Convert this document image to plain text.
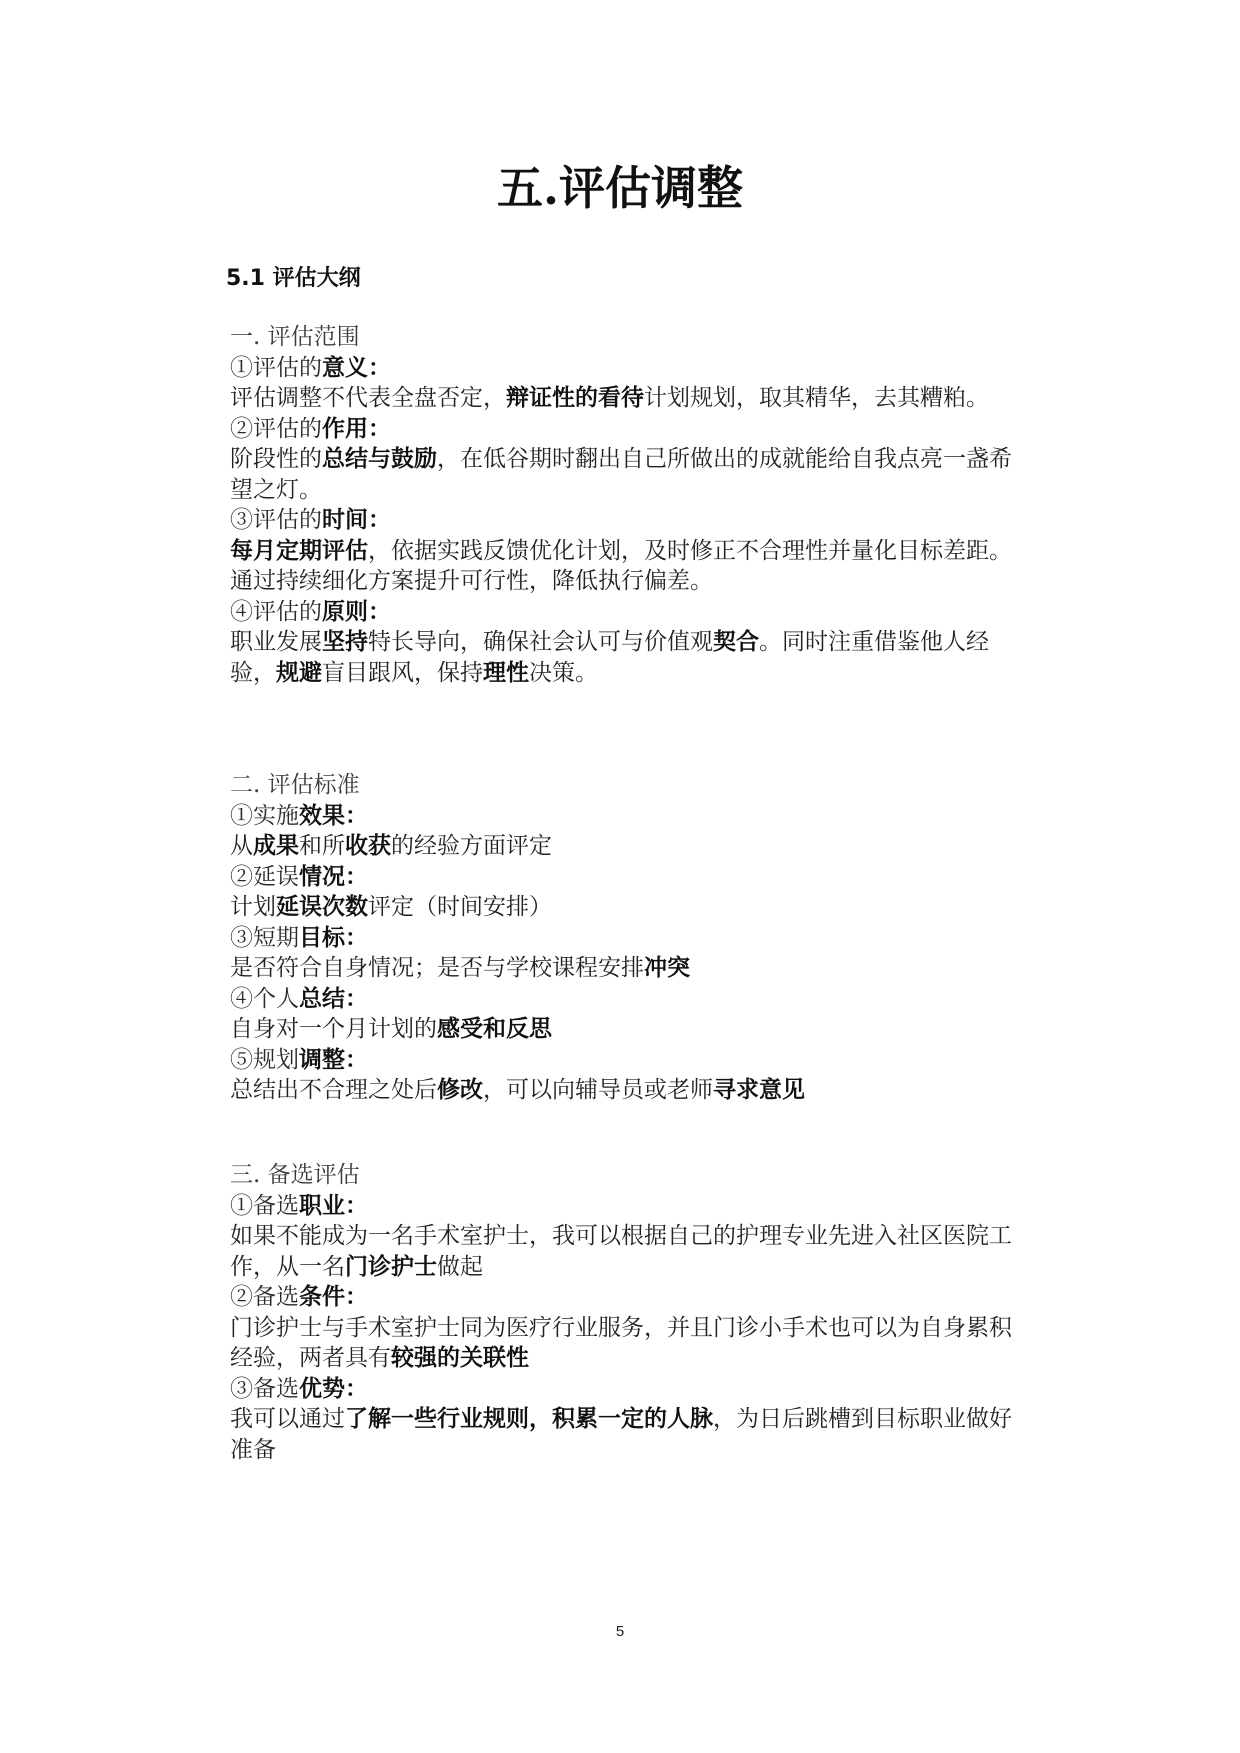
五.评估调整
5.1 评估大纲
一. 评估范围
①评估的意义：
评估调整不代表全盘否定，辩证性的看待计划规划，取其精华，去其糟粕。
②评估的作用：
阶段性的总结与鼓励，在低谷期时翻出自己所做出的成就能给自我点亮一盏希望之灯。
③评估的时间：
每月定期评估，依据实践反馈优化计划，及时修正不合理性并量化目标差距。通过持续细化方案提升可行性，降低执行偏差。
④评估的原则：
职业发展坚持特长导向，确保社会认可与价值观契合。同时注重借鉴他人经验，规避盲目跟风，保持理性决策。
二. 评估标准
①实施效果：
从成果和所收获的经验方面评定
②延误情况：
计划延误次数评定（时间安排）
③短期目标：
是否符合自身情况；是否与学校课程安排冲突
④个人总结：
自身对一个月计划的感受和反思
⑤规划调整：
总结出不合理之处后修改，可以向辅导员或老师寻求意见
三. 备选评估
①备选职业：
如果不能成为一名手术室护士，我可以根据自己的护理专业先进入社区医院工作，从一名门诊护士做起
②备选条件：
门诊护士与手术室护士同为医疗行业服务，并且门诊小手术也可以为自身累积经验，两者具有较强的关联性
③备选优势：
我可以通过了解一些行业规则，积累一定的人脉，为日后跳槽到目标职业做好准备
5
